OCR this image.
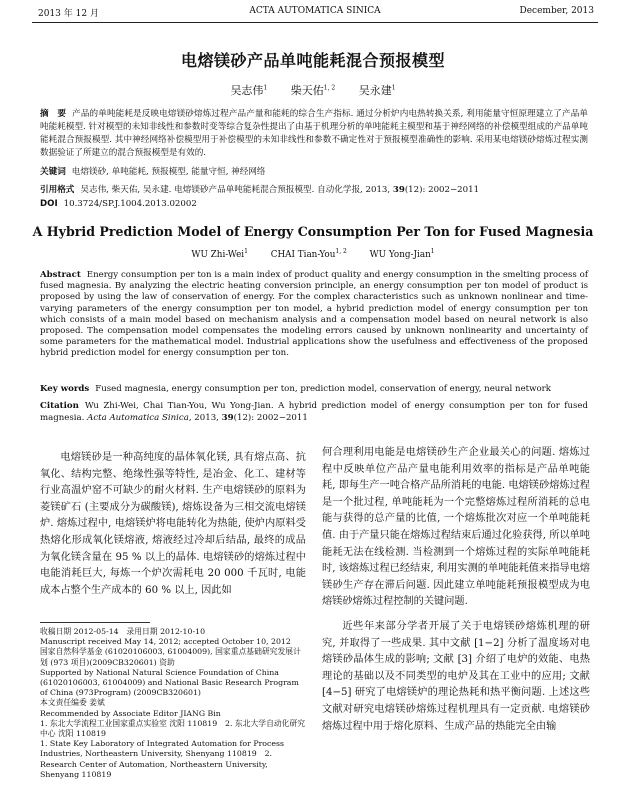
2013 年 12 月	ACTA AUTOMATICA SINICA	December, 2013
电熔镁砂产品单吨能耗混合预报模型
吴志伟$^1$ 柴天佑$^{1, 2}$ 吴永建$^1$
摘　要 产品的单吨能耗是反映电熔镁砂熔炼过程产品产量和能耗的综合生产指标. 通过分析炉内电热转换关系, 利用能量守恒原理建立了产品单吨能耗模型. 针对模型的未知非线性和参数时变等综合复杂性提出了由基于机理分析的单吨能耗主模型和基于神经网络的补偿模型组成的产品单吨能耗混合预报模型. 其中神经网络补偿模型用于补偿模型的未知非线性和参数不确定性对于预报模型准确性的影响. 采用某电熔镁砂熔炼过程实测数据验证了所建立的混合预报模型是有效的.
关键词 电熔镁砂, 单吨能耗, 预报模型, 能量守恒, 神经网络
引用格式 吴志伟, 柴天佑, 吴永建. 电熔镁砂产品单吨能耗混合预报模型. 自动化学报, 2013, 39(12): 2002−2011
DOI 10.3724/SP.J.1004.2013.02002
A Hybrid Prediction Model of Energy Consumption Per Ton for Fused Magnesia
WU Zhi-Wei$^1$	CHAI Tian-You$^{1, 2}$	WU Yong-Jian$^1$
Abstract Energy consumption per ton is a main index of product quality and energy consumption in the smelting process of fused magnesia. By analyzing the electric heating conversion principle, an energy consumption per ton model of product is proposed by using the law of conservation of energy. For the complex characteristics such as unknown nonlinear and time-varying parameters of the energy consumption per ton model, a hybrid prediction model of energy consumption per ton which consists of a main model based on mechanism analysis and a compensation model based on neural network is also proposed. The compensation model compensates the modeling errors caused by unknown nonlinearity and uncertainty of some parameters for the mathematical model. Industrial applications show the usefulness and effectiveness of the proposed hybrid prediction model for energy consumption per ton.
Key words Fused magnesia, energy consumption per ton, prediction model, conservation of energy, neural network
Citation Wu Zhi-Wei, Chai Tian-You, Wu Yong-Jian. A hybrid prediction model of energy consumption per ton for fused magnesia. Acta Automatica Sinica, 2013, 39(12): 2002−2011

电熔镁砂是一种高纯度的晶体氧化镁, 具有熔点高、抗氧化、结构完整、绝缘性强等特性, 是冶金、化工、建材等行业高温炉窑不可缺少的耐火材料. 生产电熔镁砂的原料为菱镁矿石 (主要成分为碳酸镁), 熔炼设备为三相交流电熔镁炉. 熔炼过程中, 电熔镁炉将电能转化为热能, 使炉内原料受热熔化形成氧化镁熔液, 熔液经过冷却后结晶, 最终的成品为氧化镁含量在 95 % 以上的晶体. 电熔镁砂的熔炼过程中电能消耗巨大, 每炼一个炉次需耗电 20 000 千瓦时, 电能成本占整个生产成本的 60 % 以上, 因此如

何合理利用电能是电熔镁砂生产企业最关心的问题. 熔炼过程中反映单位产品产量电能利用效率的指标是产品单吨能耗, 即每生产一吨合格产品所消耗的电能. 电熔镁砂熔炼过程是一个批过程, 单吨能耗为一个完整熔炼过程所消耗的总电能与获得的总产量的比值, 一个熔炼批次对应一个单吨能耗值. 由于产量只能在熔炼过程结束后通过化验获得, 所以单吨能耗无法在线检测. 当检测到一个熔炼过程的实际单吨能耗时, 该熔炼过程已经结束, 利用实测的单吨能耗值来指导电熔镁砂生产存在滞后问题. 因此建立单吨能耗预报模型成为电熔镁砂熔炼过程控制的关键问题.

近些年来部分学者开展了关于电熔镁砂熔炼机理的研究, 并取得了一些成果. 其中文献 [1−2] 分析了温度场对电熔镁砂晶体生成的影响; 文献 [3] 介绍了电炉的效能、电热理论的基础以及不同类型的电炉及其在工业中的应用; 文献 [4−5] 研究了电熔镁炉的理论热耗和热平衡问题. 上述这些文献对研究电熔镁砂熔炼过程机理具有一定贡献. 电熔镁砂熔炼过程中用于熔化原料、生成产品的热能完全由输

收稿日期 2012-05-14　录用日期 2012-10-10
Manuscript received May 14, 2012; accepted October 10, 2012
国家自然科学基金 (61020106003, 61004009), 国家重点基础研究发展计划 (973 项目)(2009CB320601) 资助
Supported by National Natural Science Foundation of China (61020106003, 61004009) and National Basic Research Program of China (973Program) (2009CB320601)
本文责任编委 姜斌
Recommended by Associate Editor JIANG Bin
1. 东北大学流程工业国家重点实验室 沈阳 110819　2. 东北大学自动化研究中心 沈阳 110819
1. State Key Laboratory of Integrated Automation for Process Industries, Northeastern University, Shenyang 110819　2. Research Center of Automation, Northeastern University, Shenyang 110819
